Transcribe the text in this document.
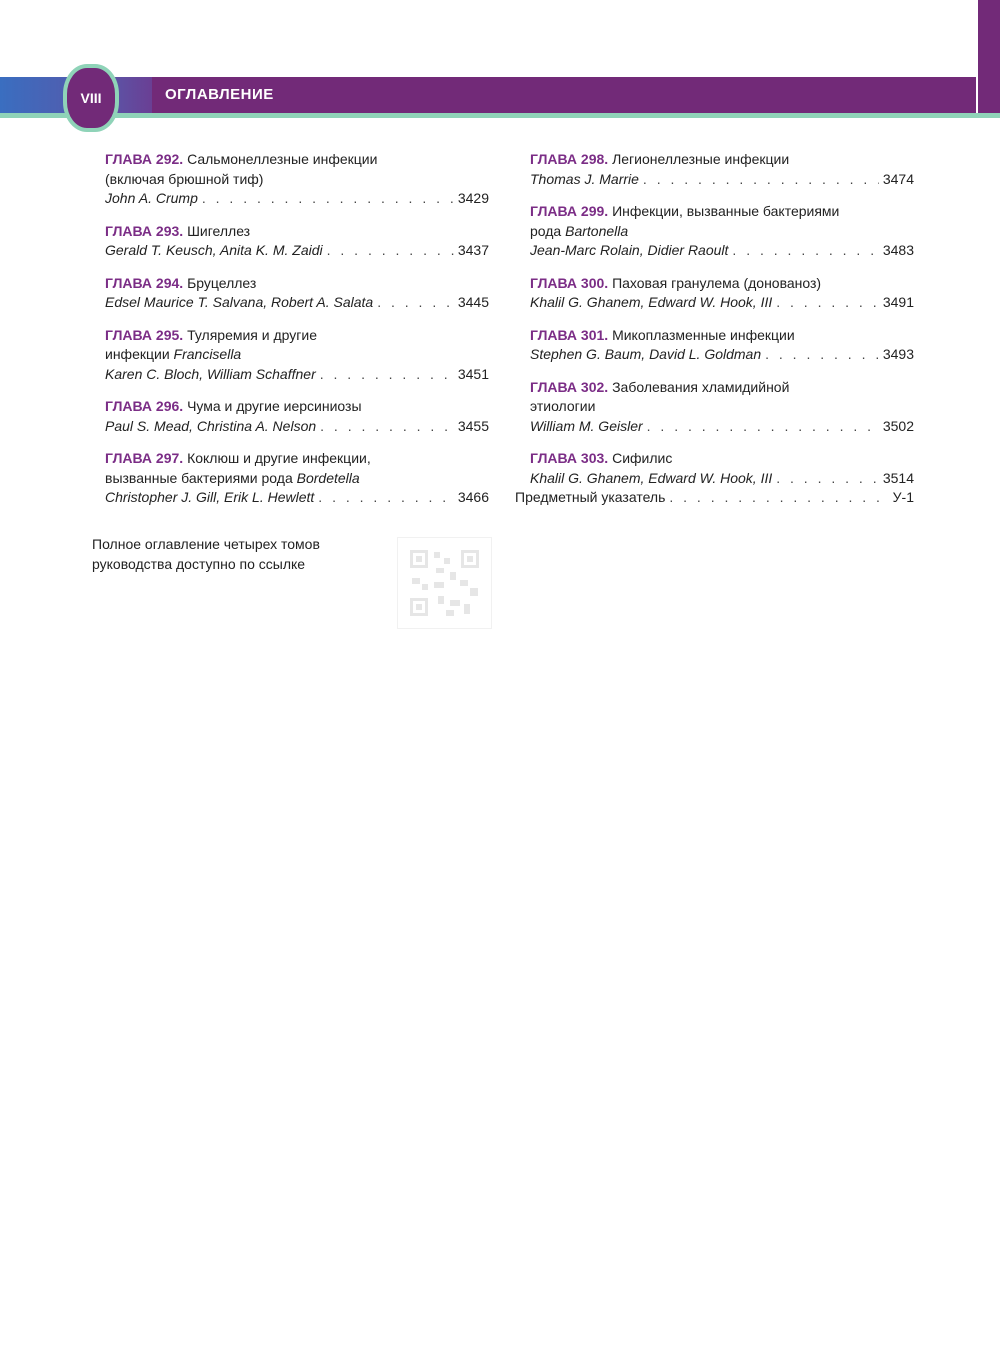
VIII	ОГЛАВЛЕНИЕ
ГЛАВА 292. Сальмонеллезные инфекции
(включая брюшной тиф)
John A. Crump . . .	3429
ГЛАВА 293. Шигеллез
Gerald T. Keusch, Anita K. M. Zaidi . . .	3437
ГЛАВА 294. Бруцеллез
Edsel Maurice T. Salvana, Robert A. Salata . . .	3445
ГЛАВА 295. Туляремия и другие
инфекции Francisella
Karen C. Bloch, William Schaffner . . .	3451
ГЛАВА 296. Чума и другие иерсиниозы
Paul S. Mead, Christina A. Nelson . . .	3455
ГЛАВА 297. Коклюш и другие инфекции,
вызванные бактериями рода Bordetella
Christopher J. Gill, Erik L. Hewlett . . .	3466
ГЛАВА 298. Легионеллезные инфекции
Thomas J. Marrie . . .	3474
ГЛАВА 299. Инфекции, вызванные бактериями
рода Bartonella
Jean-Marc Rolain, Didier Raoult . . .	3483
ГЛАВА 300. Паховая гранулема (донованоз)
Khalil G. Ghanem, Edward W. Hook, III . . .	3491
ГЛАВА 301. Микоплазменные инфекции
Stephen G. Baum, David L. Goldman . . .	3493
ГЛАВА 302. Заболевания хламидийной
этиологии
William M. Geisler . . .	3502
ГЛАВА 303. Сифилис
Khalil G. Ghanem, Edward W. Hook, III . . .	3514
Предметный указатель . . .	У-1
Полное оглавление четырех томов
руководства доступно по ссылке
